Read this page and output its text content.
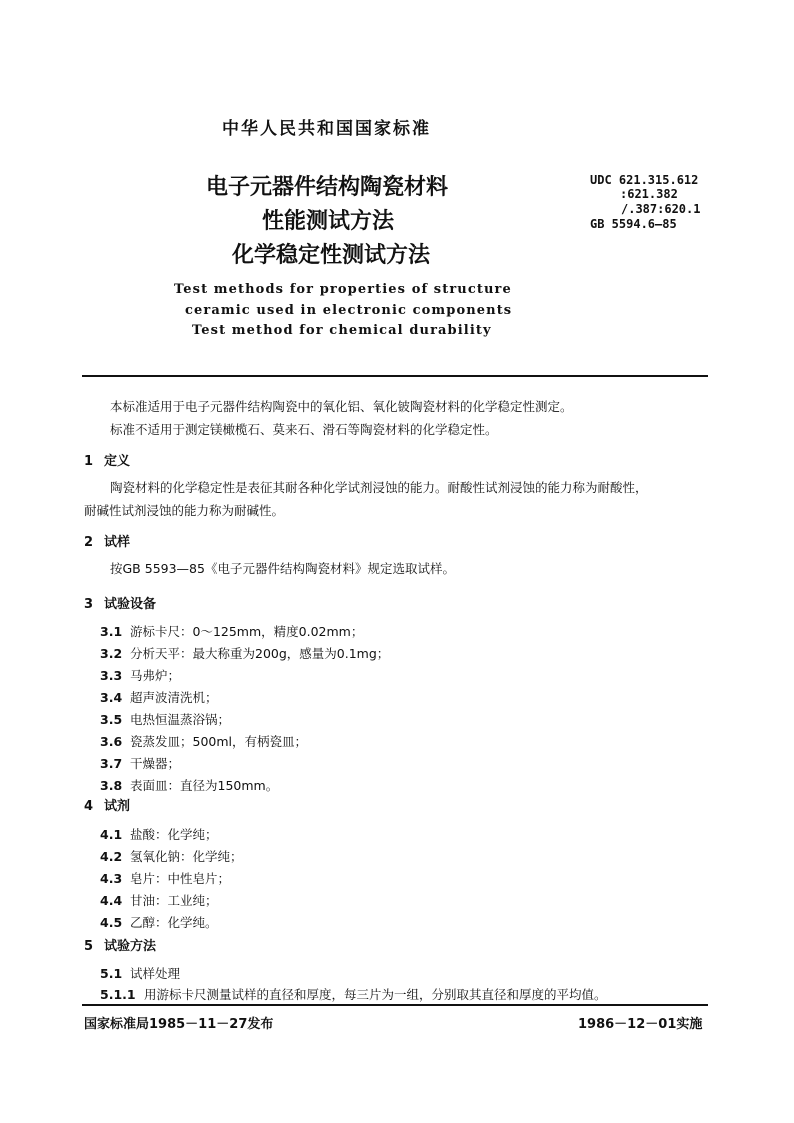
中华人民共和国国家标准
电子元器件结构陶瓷材料
性能测试方法
化学稳定性测试方法
UDC 621.315.612
:621.382
/.387:620.1
GB 5594.6—85
Test methods for properties of structure
ceramic used in electronic components
Test method for chemical durability
本标准适用于电子元器件结构陶瓷中的氧化铝、氧化铍陶瓷材料的化学稳定性测定。
标准不适用于测定镁橄榄石、莫来石、滑石等陶瓷材料的化学稳定性。
1 定义
陶瓷材料的化学稳定性是表征其耐各种化学试剂浸蚀的能力。耐酸性试剂浸蚀的能力称为耐酸性，
耐碱性试剂浸蚀的能力称为耐碱性。
2 试样
按GB 5593—85《电子元器件结构陶瓷材料》规定选取试样。
3 试验设备
3.1 游标卡尺：0～125mm，精度0.02mm；
3.2 分析天平：最大称重为200g，感量为0.1mg；
3.3 马弗炉；
3.4 超声波清洗机；
3.5 电热恒温蒸浴锅；
3.6 瓷蒸发皿；500ml，有柄瓷皿；
3.7 干燥器；
3.8 表面皿：直径为150mm。
4 试剂
4.1 盐酸：化学纯；
4.2 氢氧化钠：化学纯；
4.3 皂片：中性皂片；
4.4 甘油：工业纯；
4.5 乙醇：化学纯。
5 试验方法
5.1 试样处理
5.1.1 用游标卡尺测量试样的直径和厚度，每三片为一组，分别取其直径和厚度的平均值。
国家标准局1985－11－27发布	1986－12－01实施
